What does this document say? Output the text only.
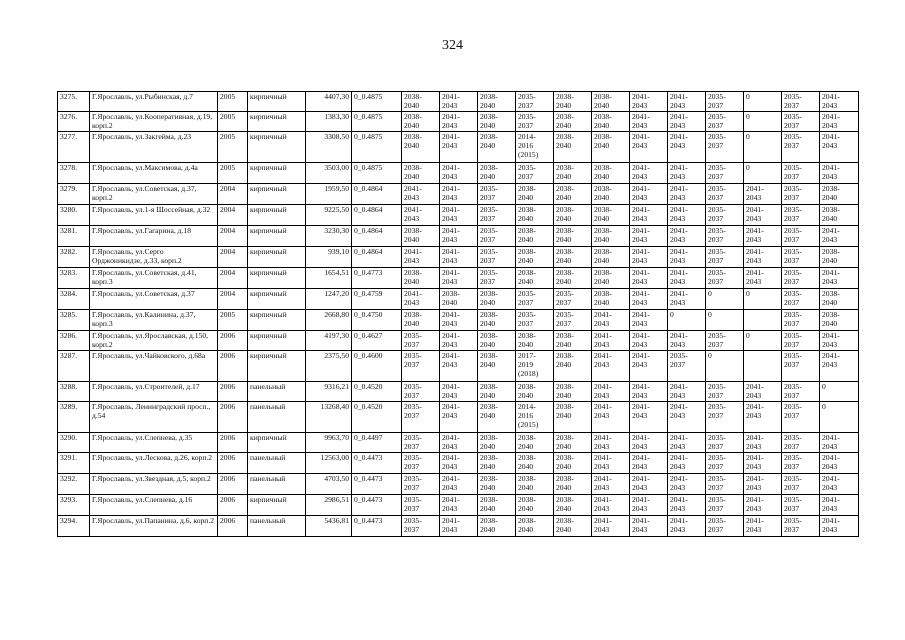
324
3275.	Г.Ярославль, ул.Рыбинская, д.7	2005	кирпичный	4407,30	0_0.4875	2038-
2040	2041-
2043	2038-
2040	2035-
2037	2038-
2040	2038-
2040	2041-
2043	2041-
2043	2035-
2037	0	2035-
2037	2041-
2043
3276.	Г.Ярославль, ул.Кооперативная, д.19, корп.2	2005	кирпичный	1383,30	0_0.4875	2038-
2040	2041-
2043	2038-
2040	2035-
2037	2038-
2040	2038-
2040	2041-
2043	2041-
2043	2035-
2037	0	2035-
2037	2041-
2043
3277.	Г.Ярославль, ул.Закгейма, д.23	2005	кирпичный	3308,50	0_0.4875	2038-
2040	2041-
2043	2038-
2040	2014-
2016
(2015)	2038-
2040	2038-
2040	2041-
2043	2041-
2043	2035-
2037	0	2035-
2037	2041-
2043
3278.	Г.Ярославль, ул.Максимова, д.4а	2005	кирпичный	3503,00	0_0.4875	2038-
2040	2041-
2043	2038-
2040	2035-
2037	2038-
2040	2038-
2040	2041-
2043	2041-
2043	2035-
2037	0	2035-
2037	2041-
2043
3279.	Г.Ярославль, ул.Советская, д.37, корп.2	2004	кирпичный	1959,50	0_0.4864	2041-
2043	2041-
2043	2035-
2037	2038-
2040	2038-
2040	2038-
2040	2041-
2043	2041-
2043	2035-
2037	2041-
2043	2035-
2037	2038-
2040
3280.	Г.Ярославль, ул.1-я Шоссейная, д.32	2004	кирпичный	9225,50	0_0.4864	2041-
2043	2041-
2043	2035-
2037	2038-
2040	2038-
2040	2038-
2040	2041-
2043	2041-
2043	2035-
2037	2041-
2043	2035-
2037	2038-
2040
3281.	Г.Ярославль, ул.Гагарина, д.18	2004	кирпичный	3230,30	0_0.4864	2038-
2040	2041-
2043	2035-
2037	2038-
2040	2038-
2040	2038-
2040	2041-
2043	2041-
2043	2035-
2037	2041-
2043	2035-
2037	2041-
2043
3282.	Г.Ярославль, ул.Серго Орджоникидзе, д.33, корп.2	2004	кирпичный	939,10	0_0.4864	2041-
2043	2041-
2043	2035-
2037	2038-
2040	2038-
2040	2038-
2040	2041-
2043	2041-
2043	2035-
2037	2041-
2043	2035-
2037	2038-
2040
3283.	Г.Ярославль, ул.Советская, д.41, корп.3	2004	кирпичный	1654,51	0_0.4773	2038-
2040	2041-
2043	2035-
2037	2038-
2040	2038-
2040	2038-
2040	2041-
2043	2041-
2043	2035-
2037	2041-
2043	2035-
2037	2041-
2043
3284.	Г.Ярославль, ул.Советская, д.37	2004	кирпичный	1247,20	0_0.4759	2041-
2043	2038-
2040	2038-
2040	2035-
2037	2035-
2037	2038-
2040	2041-
2043	2041-
2043	0	0	2035-
2037	2038-
2040
3285.	Г.Ярославль, ул.Калинина, д.37, корп.3	2005	кирпичный	2668,80	0_0.4750	2038-
2040	2041-
2043	2038-
2040	2035-
2037	2035-
2037	2041-
2043	2041-
2043	0	0		2035-
2037	2038-
2040
3286.	Г.Ярославль, ул.Ярославская, д.150, корп.2	2006	кирпичный	4197,30	0_0.4627	2035-
2037	2041-
2043	2038-
2040	2038-
2040	2038-
2040	2041-
2043	2041-
2043	2041-
2043	2035-
2037	0	2035-
2037	2041-
2043
3287.	Г.Ярославль, ул.Чайковского, д.68а	2006	кирпичный	2375,50	0_0.4600	2035-
2037	2041-
2043	2038-
2040	2017-
2019
(2018)	2038-
2040	2041-
2043	2041-
2043	2035-
2037	0		2035-
2037	2041-
2043
3288.	Г.Ярославль, ул.Строителей, д.17	2006	панельный	9316,21	0_0.4520	2035-
2037	2041-
2043	2038-
2040	2038-
2040	2038-
2040	2041-
2043	2041-
2043	2041-
2043	2035-
2037	2041-
2043	2035-
2037	0
3289.	Г.Ярославль, Ленинградский просп., д.54	2006	панельный	13268,40	0_0.4520	2035-
2037	2041-
2043	2038-
2040	2014-
2016
(2015)	2038-
2040	2041-
2043	2041-
2043	2041-
2043	2035-
2037	2041-
2043	2035-
2037	0
3290.	Г.Ярославль, ул.Слепнева, д.35	2006	кирпичный	9963,70	0_0.4497	2035-
2037	2041-
2043	2038-
2040	2038-
2040	2038-
2040	2041-
2043	2041-
2043	2041-
2043	2035-
2037	2041-
2043	2035-
2037	2041-
2043
3291.	Г.Ярославль, ул.Лескова, д.26, корп.2	2006	панельный	12563,00	0_0.4473	2035-
2037	2041-
2043	2038-
2040	2038-
2040	2038-
2040	2041-
2043	2041-
2043	2041-
2043	2035-
2037	2041-
2043	2035-
2037	2041-
2043
3292.	Г.Ярославль, ул.Звездная, д.5, корп.2	2006	панельный	4703,50	0_0.4473	2035-
2037	2041-
2043	2038-
2040	2038-
2040	2038-
2040	2041-
2043	2041-
2043	2041-
2043	2035-
2037	2041-
2043	2035-
2037	2041-
2043
3293.	Г.Ярославль, ул.Слепнева, д.16	2006	кирпичный	2986,51	0_0.4473	2035-
2037	2041-
2043	2038-
2040	2038-
2040	2038-
2040	2041-
2043	2041-
2043	2041-
2043	2035-
2037	2041-
2043	2035-
2037	2041-
2043
3294.	Г.Ярославль, ул.Папанина, д.6, корп.2	2006	панельный	5436,81	0_0.4473	2035-
2037	2041-
2043	2038-
2040	2038-
2040	2038-
2040	2041-
2043	2041-
2043	2041-
2043	2035-
2037	2041-
2043	2035-
2037	2041-
2043
